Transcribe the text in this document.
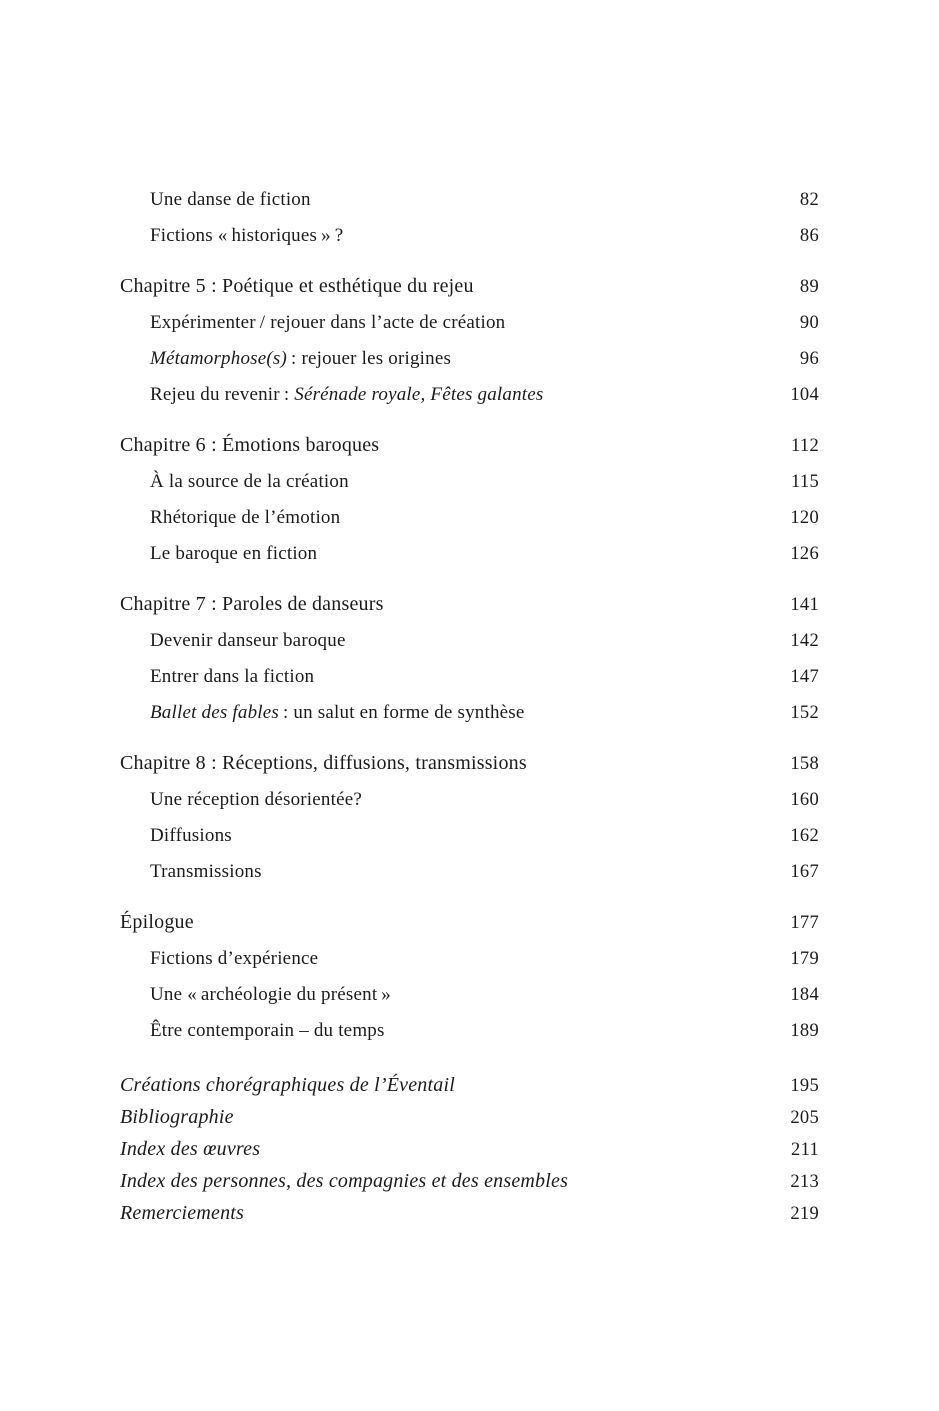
Une danse de fiction	82
Fictions « historiques » ?	86
Chapitre 5 : Poétique et esthétique du rejeu	89
Expérimenter / rejouer dans l’acte de création	90
Métamorphose(s) : rejouer les origines	96
Rejeu du revenir : Sérénade royale, Fêtes galantes	104
Chapitre 6 : Émotions baroques	112
À la source de la création	115
Rhétorique de l’émotion	120
Le baroque en fiction	126
Chapitre 7 : Paroles de danseurs	141
Devenir danseur baroque	142
Entrer dans la fiction	147
Ballet des fables : un salut en forme de synthèse	152
Chapitre 8 : Réceptions, diffusions, transmissions	158
Une réception désorientée?	160
Diffusions	162
Transmissions	167
Épilogue	177
Fictions d’expérience	179
Une « archéologie du présent »	184
Être contemporain – du temps	189
Créations chorégraphiques de l’Éventail	195
Bibliographie	205
Index des œuvres	211
Index des personnes, des compagnies et des ensembles	213
Remerciements	219
